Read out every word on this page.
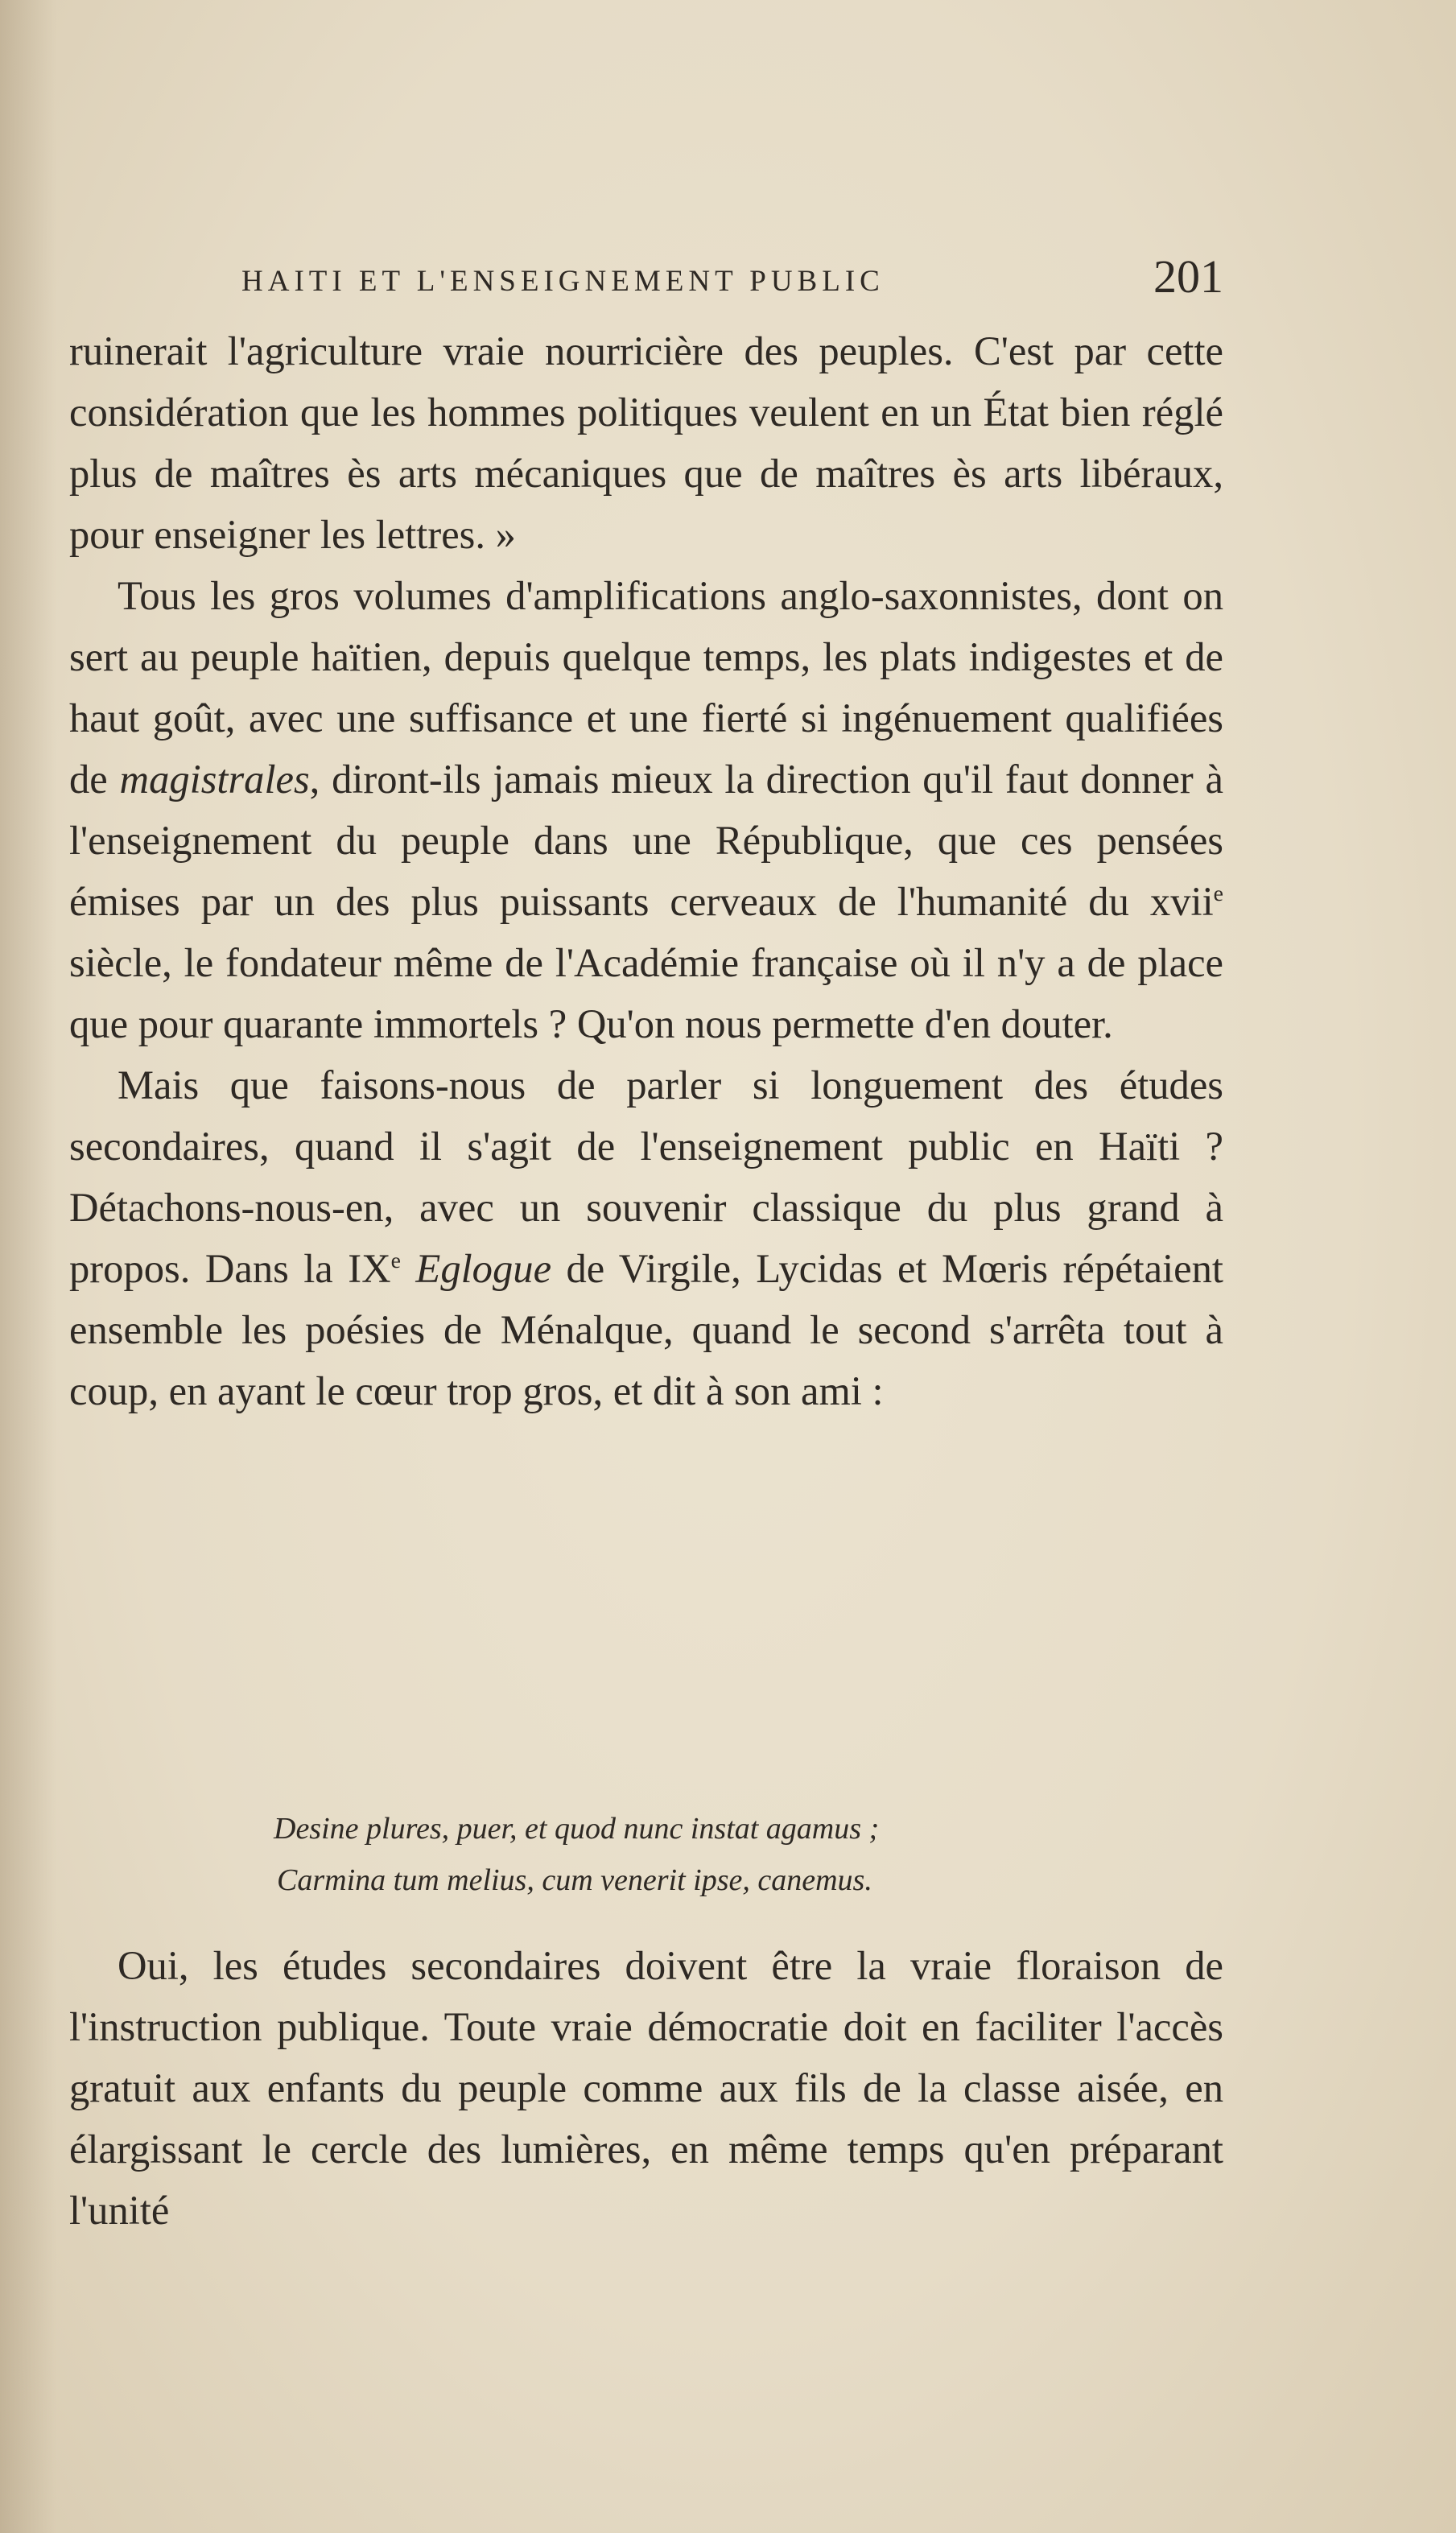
HAITI ET L'ENSEIGNEMENT PUBLIC	201

ruinerait l'agriculture vraie nourricière des peuples. C'est par cette considération que les hommes politiques veulent en un État bien réglé plus de maîtres ès arts mécaniques que de maîtres ès arts libéraux, pour enseigner les lettres. »

Tous les gros volumes d'amplifications anglo-saxonnistes, dont on sert au peuple haïtien, depuis quelque temps, les plats indigestes et de haut goût, avec une suffisance et une fierté si ingénuement qualifiées de magistrales, diront-ils jamais mieux la direction qu'il faut donner à l'enseignement du peuple dans une République, que ces pensées émises par un des plus puissants cerveaux de l'humanité du xvii$^e$ siècle, le fondateur même de l'Académie française où il n'y a de place que pour quarante immortels ? Qu'on nous permette d'en douter.

Mais que faisons-nous de parler si longuement des études secondaires, quand il s'agit de l'enseignement public en Haïti ? Détachons-nous-en, avec un souvenir classique du plus grand à propos. Dans la IXe Eglogue de Virgile, Lycidas et Mœris répétaient ensemble les poésies de Ménalque, quand le second s'arrêta tout à coup, en ayant le cœur trop gros, et dit à son ami :

Desine plures, puer, et quod nunc instat agamus ;
Carmina tum melius, cum venerit ipse, canemus.

Oui, les études secondaires doivent être la vraie floraison de l'instruction publique. Toute vraie démocratie doit en faciliter l'accès gratuit aux enfants du peuple comme aux fils de la classe aisée, en élargissant le cercle des lumières, en même temps qu'en préparant l'unité
